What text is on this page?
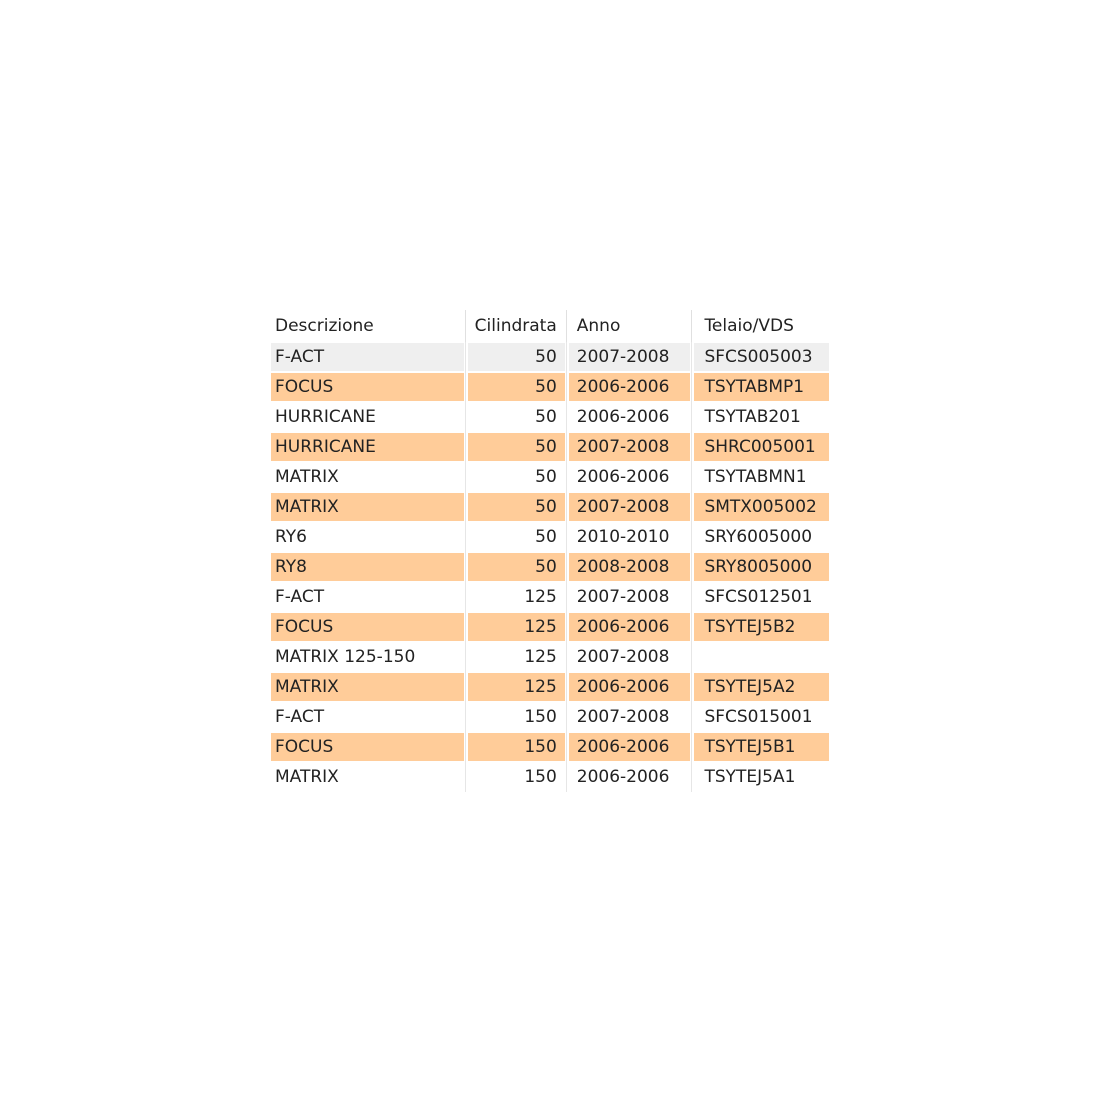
Descrizione	Cilindrata	Anno	Telaio/VDS
F-ACT	50	2007-2008	SFCS005003
FOCUS	50	2006-2006	TSYTABMP1
HURRICANE	50	2006-2006	TSYTAB201
HURRICANE	50	2007-2008	SHRC005001
MATRIX	50	2006-2006	TSYTABMN1
MATRIX	50	2007-2008	SMTX005002
RY6	50	2010-2010	SRY6005000
RY8	50	2008-2008	SRY8005000
F-ACT	125	2007-2008	SFCS012501
FOCUS	125	2006-2006	TSYTEJ5B2
MATRIX 125-150	125	2007-2008
MATRIX	125	2006-2006	TSYTEJ5A2
F-ACT	150	2007-2008	SFCS015001
FOCUS	150	2006-2006	TSYTEJ5B1
MATRIX	150	2006-2006	TSYTEJ5A1
